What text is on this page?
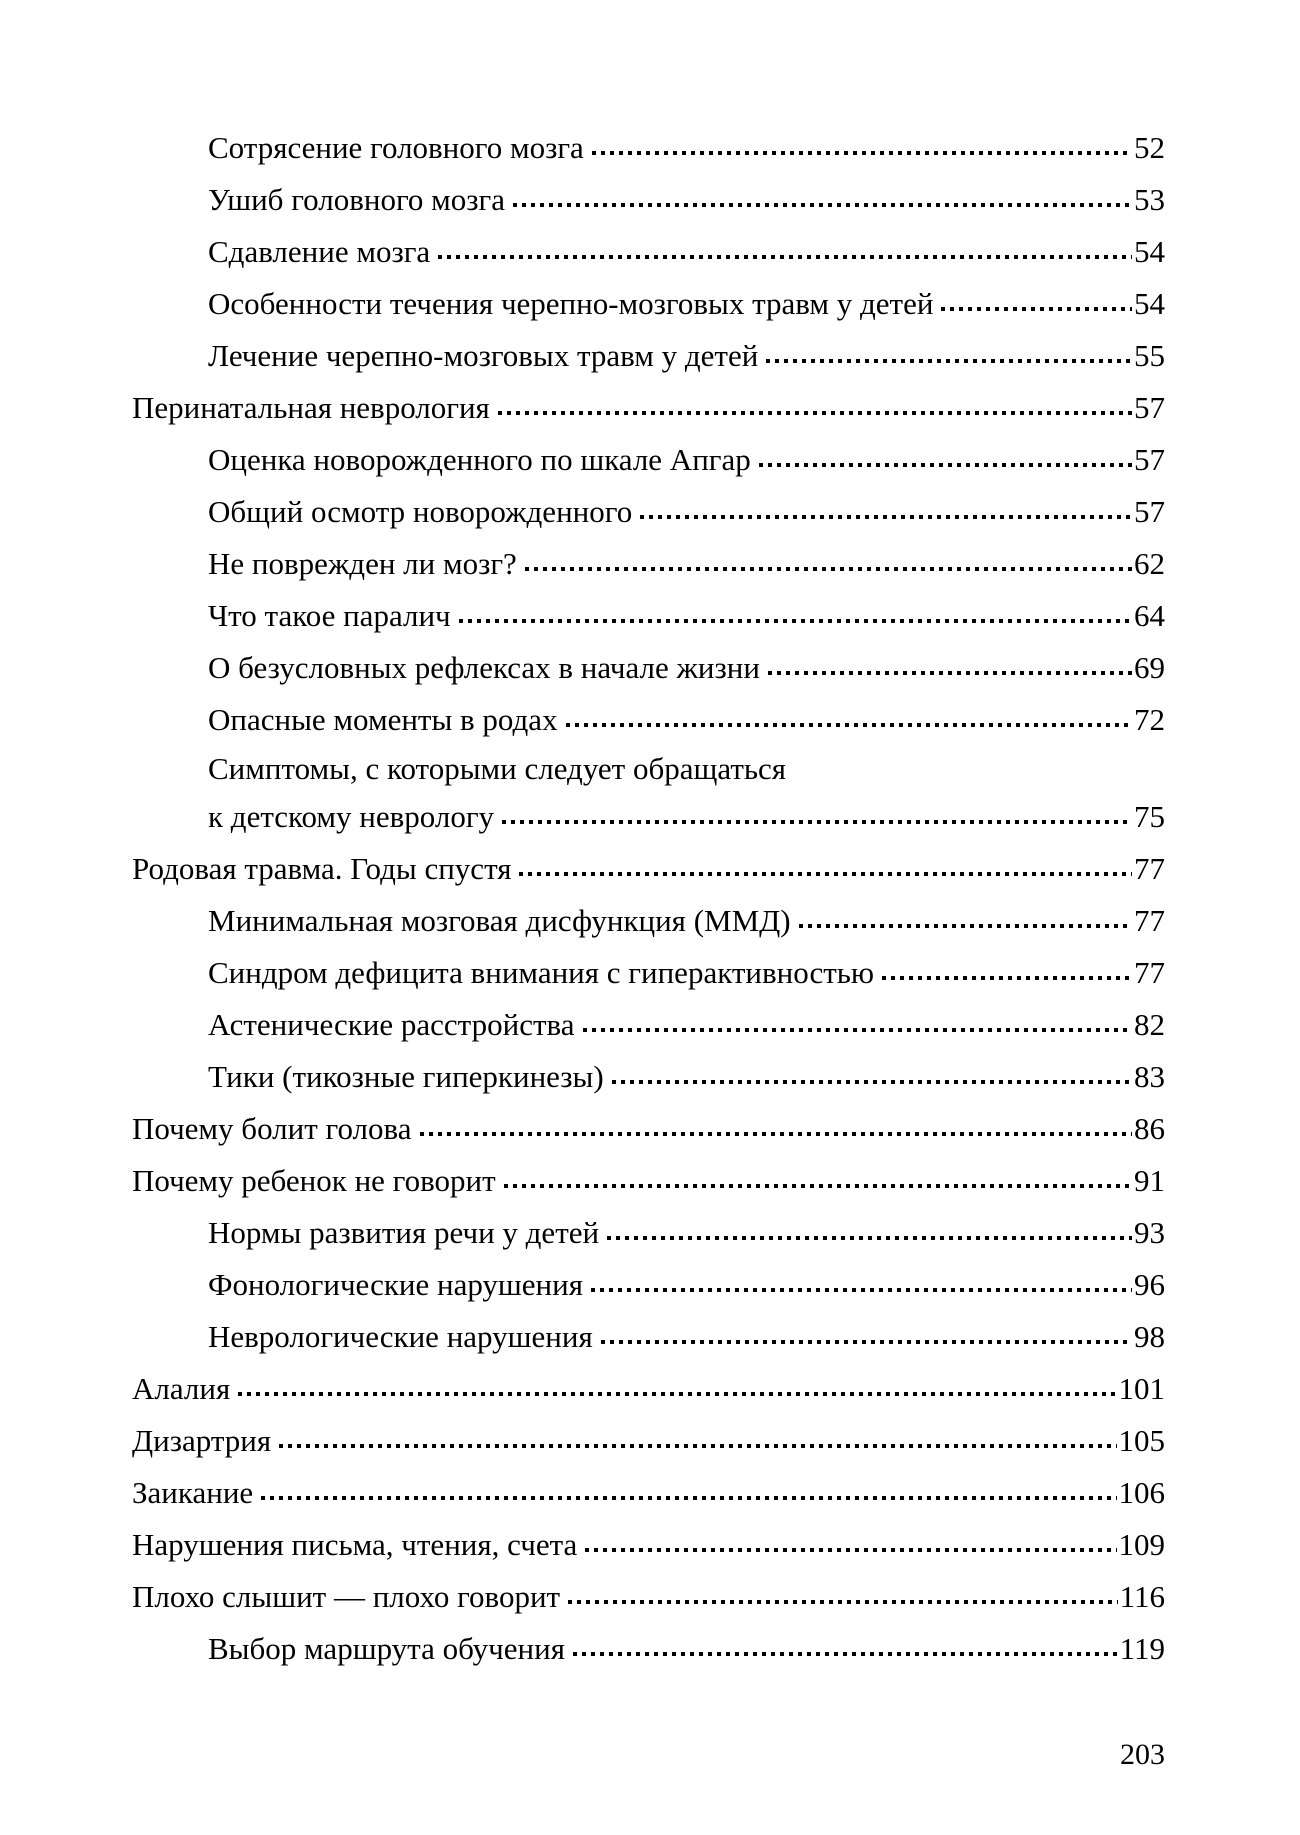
Сотрясение головного мозга	52
Ушиб головного мозга	53
Сдавление мозга	54
Особенности течения черепно-мозговых травм у детей	54
Лечение черепно-мозговых травм у детей	55
Перинатальная неврология	57
Оценка новорожденного по шкале Апгар	57
Общий осмотр новорожденного	57
Не поврежден ли мозг?	62
Что такое паралич	64
О безусловных рефлексах в начале жизни	69
Опасные моменты в родах	72
Симптомы, с которыми следует обращаться
к детскому неврологу	75
Родовая травма. Годы спустя	77
Минимальная мозговая дисфункция (ММД)	77
Синдром дефицита внимания с гиперактивностью	77
Астенические расстройства	82
Тики (тикозные гиперкинезы)	83
Почему болит голова	86
Почему ребенок не говорит	91
Нормы развития речи у детей	93
Фонологические нарушения	96
Неврологические нарушения	98
Алалия	101
Дизартрия	105
Заикание	106
Нарушения письма, чтения, счета	109
Плохо слышит — плохо говорит	116
Выбор маршрута обучения	119
203
